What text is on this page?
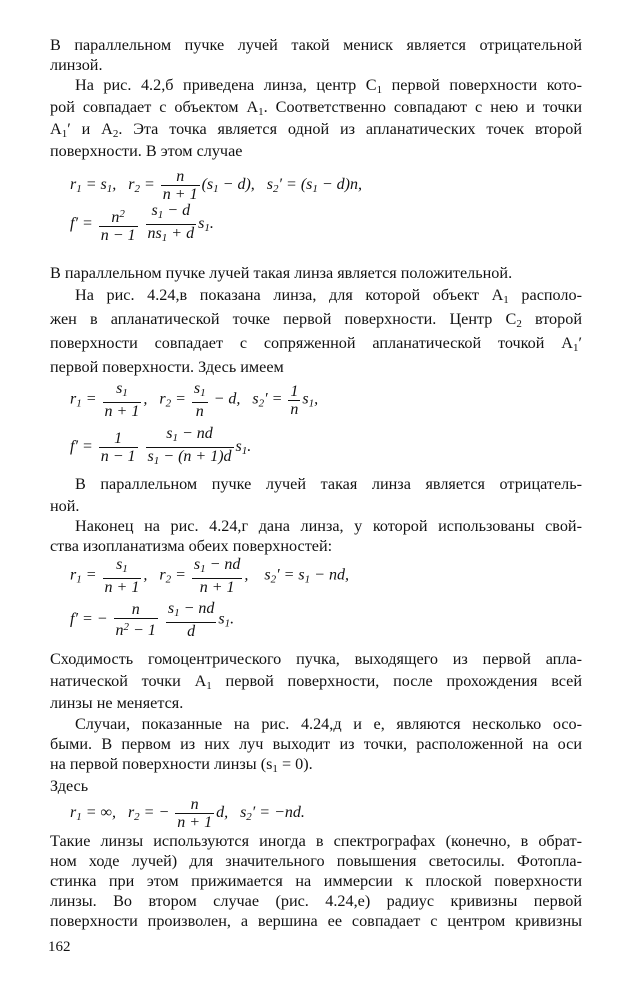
В параллельном пучке лучей такой мениск является отрицательной
линзой.
На рис. 4.2,б приведена линза, центр $C_1$ первой поверхности кото-
рой совпадает с объектом $A_1$. Соответственно совпадают с нею и точки
$A_1'$ и $A_2$. Эта точка является одной из апланатических точек второй
поверхности. В этом случае
$r_1 = s_1$,   $r_2 = \frac{n}{n + 1} (s_1 - d)$, $s_2' = (s_1 - d)n$,
$f' = \frac{n^2}{n - 1}$
$\frac{s_1 - d}{ns_1 + d} s_1$.
В параллельном пучке лучей такая линза является положительной.
На рис. 4.24,в показана линза, для которой объект $A_1$ располо-
жен в апланатической точке первой поверхности. Центр $C_2$ второй
поверхности совпадает с сопряженной апланатической точкой $A_1'$
первой поверхности. Здесь имеем
$r_1 = \frac{s_1}{n + 1}$ ,   $r_2 = \frac{s_1}{n} - d$, $s_2' = \frac{1}{n} s_1$,
$f' = \frac{1}{n - 1}$
$\frac{s_1 - nd}{s_1 - (n + 1)d} s_1$.
В параллельном пучке лучей такая линза является отрицатель-
ной.
Наконец на рис. 4.24,г дана линза, у которой использованы свой-
ства изопланатизма обеих поверхностей:
$r_1 = \frac{s_1}{n + 1}$ ,   $r_2 = \frac{s_1 - nd}{n + 1}$ ,    $s_2' = s_1$ − nd,
f′ = − $\frac{n}{n^2 - 1}$
$\frac{s_1 - nd}{d} s_1$.
Сходимость гомоцентрического пучка, выходящего из первой апла-
натической точки $A_1$ первой поверхности, после прохождения всей
линзы не меняется.
Случаи, показанные на рис. 4.24,д и е, являются несколько осо-
быми. В первом из них луч выходит из точки, расположенной на оси
на первой поверхности линзы $(s_1 = 0)$.
Здесь
$r_1$ = ∞,   $r_2$ = − $\frac{n}{n + 1} d$,   $s_2' = -nd$.
Такие линзы используются иногда в спектрографах (конечно, в обрат-
ном ходе лучей) для значительного повышения светосилы. Фотопла-
стинка при этом прижимается на иммерсии к плоской поверхности
линзы. Во втором случае (рис. 4.24,е) радиус кривизны первой
поверхности произволен, а вершина ее совпадает с центром кривизны
162
